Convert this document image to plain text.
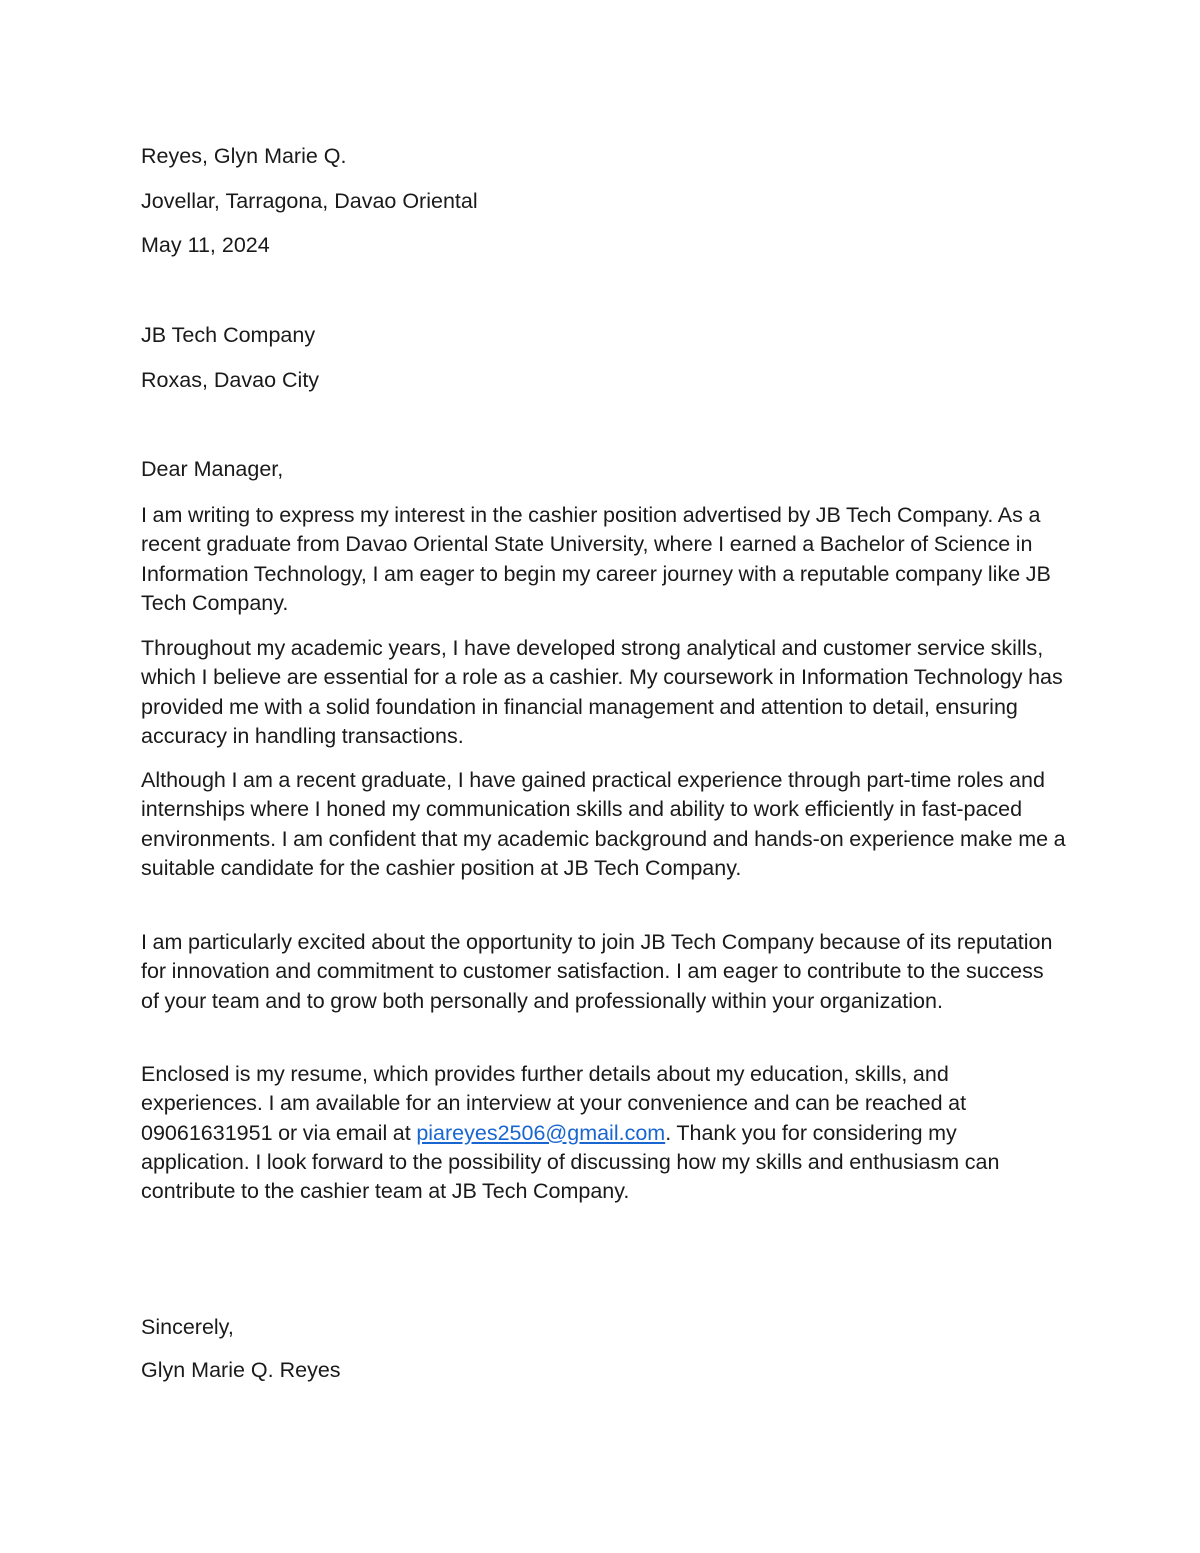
Reyes, Glyn Marie Q.
Jovellar, Tarragona, Davao Oriental
May 11, 2024
JB Tech Company
Roxas, Davao City
Dear Manager,

I am writing to express my interest in the cashier position advertised by JB Tech Company. As a recent graduate from Davao Oriental State University, where I earned a Bachelor of Science in Information Technology, I am eager to begin my career journey with a reputable company like JB Tech Company.

Throughout my academic years, I have developed strong analytical and customer service skills, which I believe are essential for a role as a cashier. My coursework in Information Technology has provided me with a solid foundation in financial management and attention to detail, ensuring accuracy in handling transactions.

Although I am a recent graduate, I have gained practical experience through part-time roles and internships where I honed my communication skills and ability to work efficiently in fast-paced environments. I am confident that my academic background and hands-on experience make me a suitable candidate for the cashier position at JB Tech Company.

I am particularly excited about the opportunity to join JB Tech Company because of its reputation for innovation and commitment to customer satisfaction. I am eager to contribute to the success of your team and to grow both personally and professionally within your organization.

Enclosed is my resume, which provides further details about my education, skills, and experiences. I am available for an interview at your convenience and can be reached at 09061631951 or via email at piareyes2506@gmail.com. Thank you for considering my application. I look forward to the possibility of discussing how my skills and enthusiasm can contribute to the cashier team at JB Tech Company.

Sincerely,
Glyn Marie Q. Reyes
